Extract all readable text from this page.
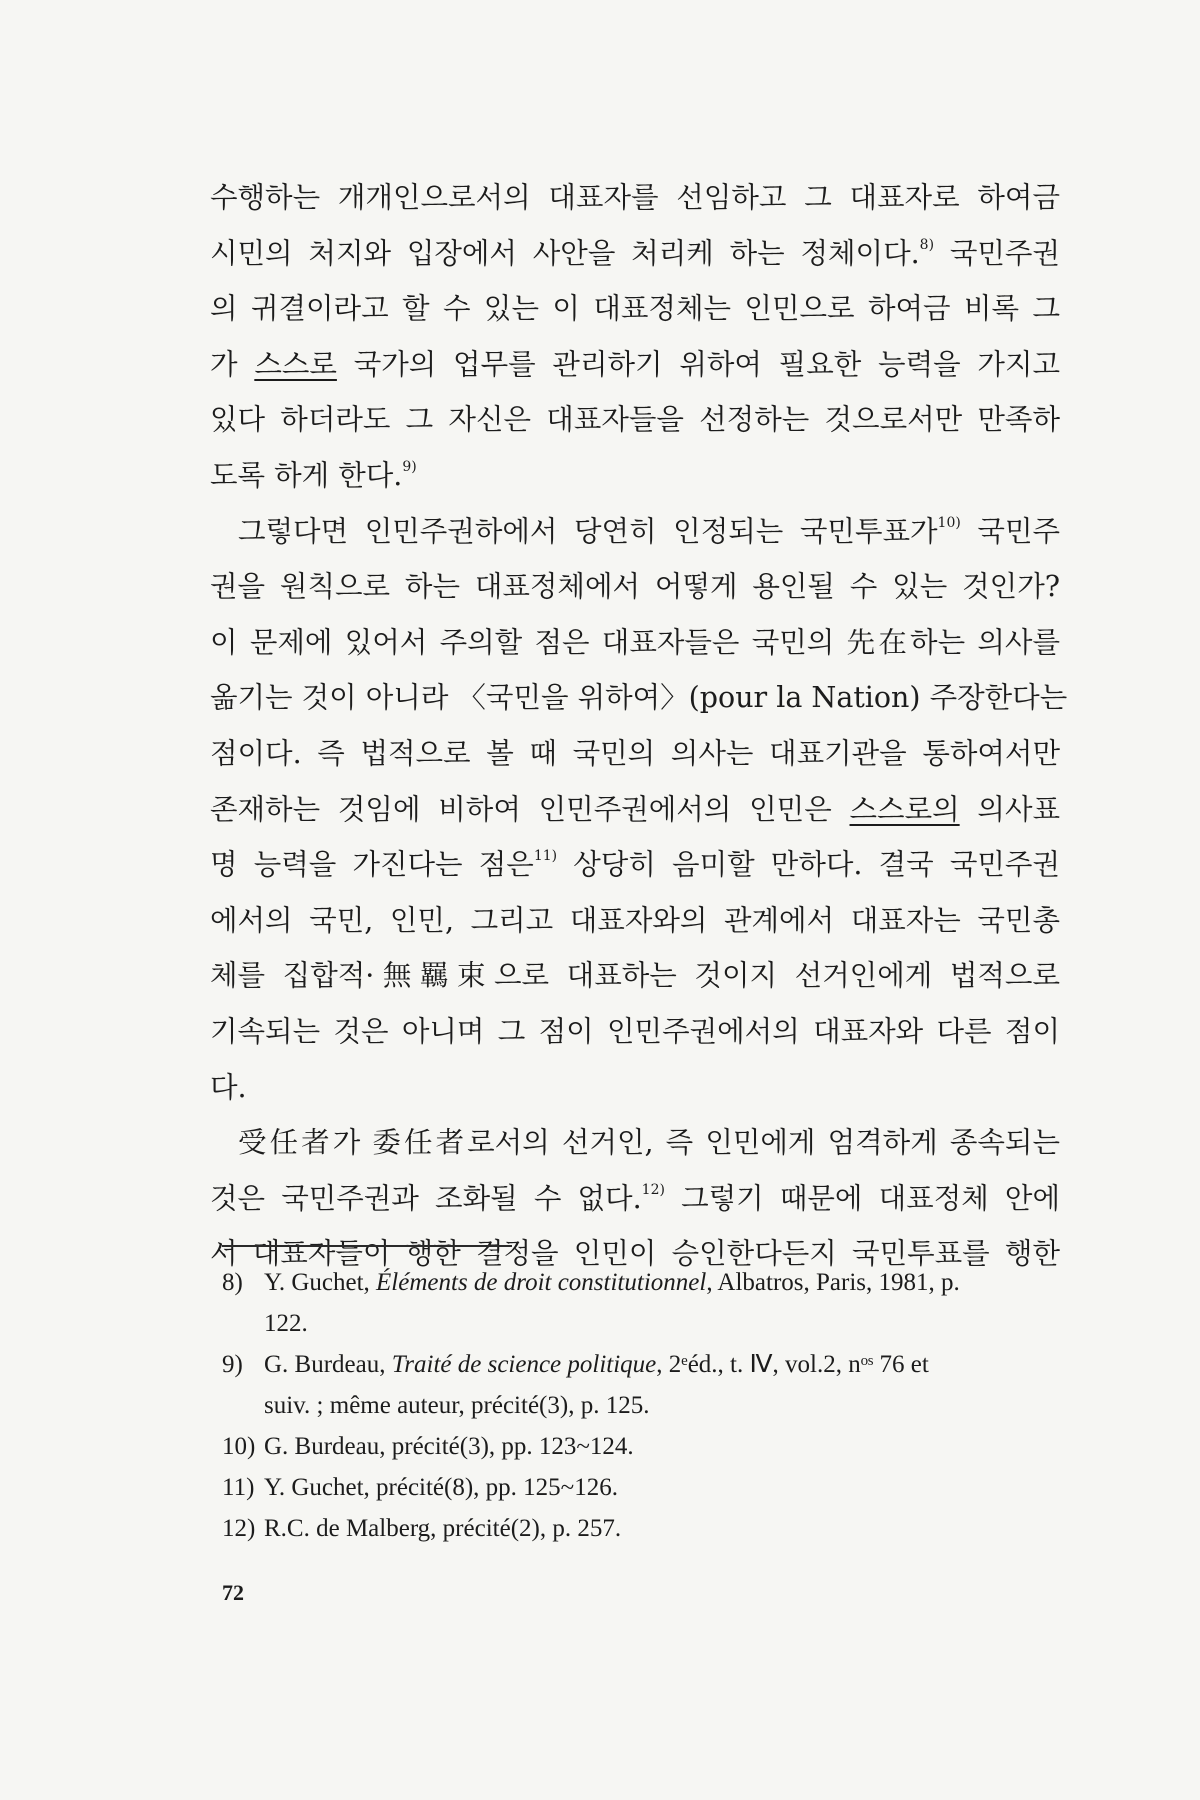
수행하는 개개인으로서의 대표자를 선임하고 그 대표자로 하여금
시민의 처지와 입장에서 사안을 처리케 하는 정체이다.$^{8)}$ 국민주권
의 귀결이라고 할 수 있는 이 대표정체는 인민으로 하여금 비록 그
가 스스로 국가의 업무를 관리하기 위하여 필요한 능력을 가지고
있다 하더라도 그 자신은 대표자들을 선정하는 것으로서만 만족하
도록 하게 한다.$^{9)}$
그렇다면 인민주권하에서 당연히 인정되는 국민투표가$^{10)}$ 국민주
권을 원칙으로 하는 대표정체에서 어떻게 용인될 수 있는 것인가?
이 문제에 있어서 주의할 점은 대표자들은 국민의 先在하는 의사를
옮기는 것이 아니라 〈국민을 위하여〉(pour la Nation) 주장한다는
점이다. 즉 법적으로 볼 때 국민의 의사는 대표기관을 통하여서만
존재하는 것임에 비하여 인민주권에서의 인민은 스스로의 의사표
명 능력을 가진다는 점은$^{11)}$ 상당히 음미할 만하다. 결국 국민주권
에서의 국민, 인민, 그리고 대표자와의 관계에서 대표자는 국민총
체를 집합적·無羈束으로 대표하는 것이지 선거인에게 법적으로
기속되는 것은 아니며 그 점이 인민주권에서의 대표자와 다른 점이
다.
受任者가 委任者로서의 선거인, 즉 인민에게 엄격하게 종속되는
것은 국민주권과 조화될 수 없다.$^{12)}$ 그렇기 때문에 대표정체 안에
서 대표자들이 행한 결정을 인민이 승인한다든지 국민투표를 행한
8) Y. Guchet, Éléments de droit constitutionnel, Albatros, Paris, 1981, p.
122.
9) G. Burdeau, Traité de science politique, 2ᵉéd., t. Ⅳ, vol.2, nᵒˢ 76 et
suiv. ; même auteur, précité(3), p. 125.
10) G. Burdeau, précité(3), pp. 123~124.
11) Y. Guchet, précité(8), pp. 125~126.
12) R.C. de Malberg, précité(2), p. 257.
72
